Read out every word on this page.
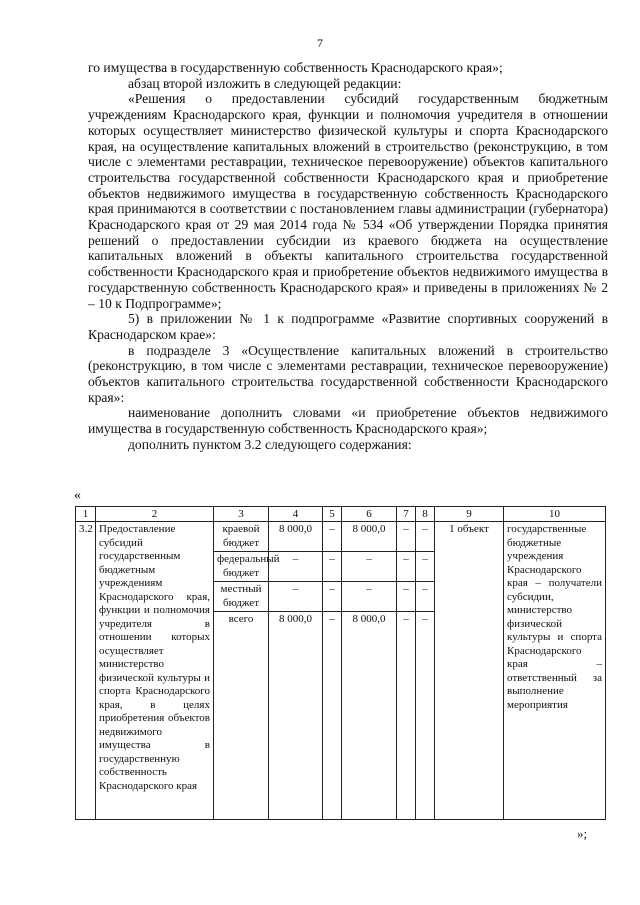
7

го имущества в государственную собственность Краснодарского края»;

абзац второй изложить в следующей редакции:

«Решения о предоставлении субсидий государственным бюджетным учреждениям Краснодарского края, функции и полномочия учредителя в отношении которых осуществляет министерство физической культуры и спорта Краснодарского края, на осуществление капитальных вложений в строительство (реконструкцию, в том числе с элементами реставрации, техническое перевооружение) объектов капитального строительства государственной собственности Краснодарского края и приобретение объектов недвижимого имущества в государственную собственность Краснодарского края принимаются в соответствии с постановлением главы администрации (губернатора) Краснодарского края от 29 мая 2014 года № 534 «Об утверждении Порядка принятия решений о предоставлении субсидии из краевого бюджета на осуществление капитальных вложений в объекты капитального строительства государственной собственности Краснодарского края и приобретение объектов недвижимого имущества в государственную собственность Краснодарского края» и приведены в приложениях № 2 – 10 к Подпрограмме»;

5) в приложении № 1 к подпрограмме «Развитие спортивных сооружений в Краснодарском крае»:

в подразделе 3 «Осуществление капитальных вложений в строительство (реконструкцию, в том числе с элементами реставрации, техническое перевооружение) объектов капитального строительства государственной собственности Краснодарского края»:

наименование дополнить словами «и приобретение объектов недвижимого имущества в государственную собственность Краснодарского края»;

дополнить пунктом 3.2 следующего содержания:

«
1	2	3	4	5	6	7	8	9	10
3.2	Предоставление субсидий государственным бюджетным учреждениям Краснодарского края, функции и полномочия учредителя в отношении которых осуществляет министерство физической культуры и спорта Краснодарского края, в целях приобретения объектов недвижимого имущества в государственную собственность Краснодарского края	краевой бюджет	8 000,0	–	8 000,0	–	–	1 объект	государственные бюджетные учреждения Краснодарского края – получатели субсидии, министерство физической культуры и спорта Краснодарского края – ответственный за выполнение мероприятия
		федеральный бюджет	–	–	–	–	–		
		местный бюджет	–	–	–	–	–		
		всего	8 000,0	–	8 000,0	–	–		
»;
